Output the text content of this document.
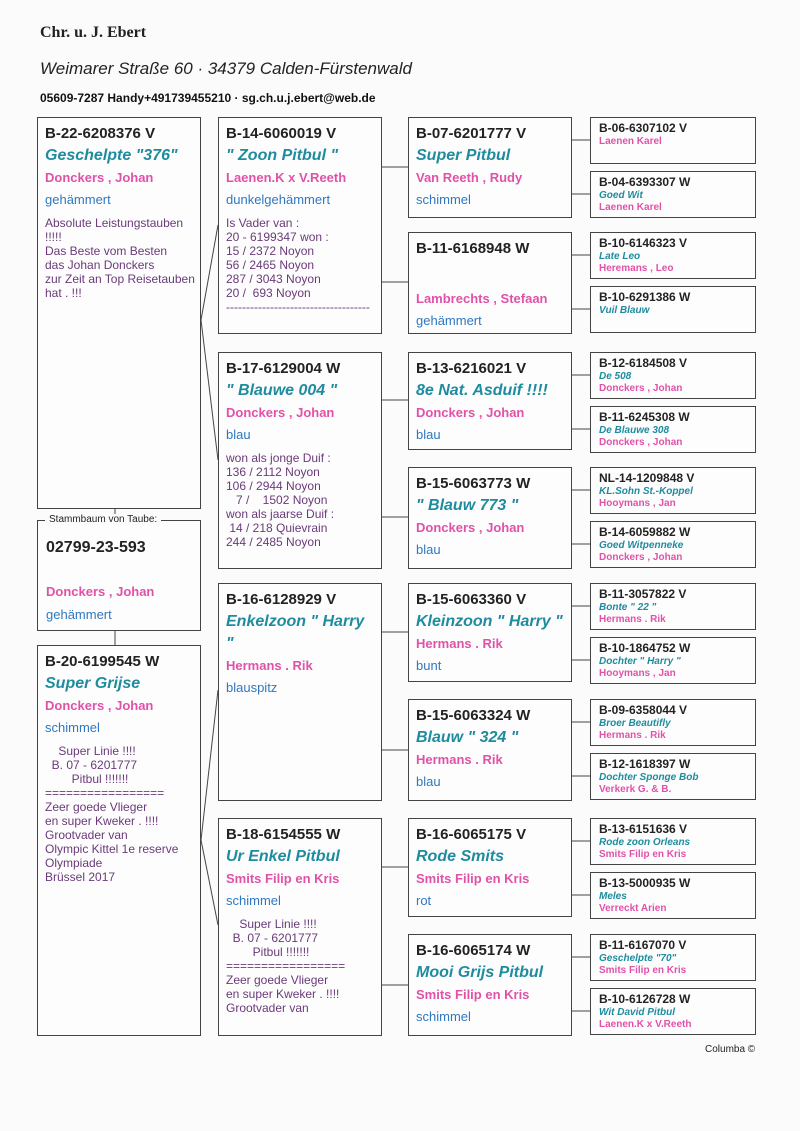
Chr. u. J. Ebert
Weimarer Straße 60 · 34379 Calden-Fürstenwald
05609-7287 Handy+491739455210 · sg.ch.u.j.ebert@web.de
Stammbaum von Taube:
02799-23-593
Donckers , Johan
gehämmert
B-22-6208376 V
Geschelpte "376"
Donckers , Johan
gehämmert
Absolute Leistungstauben
!!!!!
Das Beste vom Besten
das Johan Donckers
zur Zeit an Top Reisetauben
hat . !!!
B-20-6199545 W
Super Grijse
Donckers , Johan
schimmel
Super Linie !!!!
B. 07 - 6201777
Pitbul !!!!!!!
=================
Zeer goede Vlieger
en super Kweker . !!!!
Grootvader van
Olympic Kittel 1e reserve
Olympiade
Brüssel 2017
B-14-6060019 V
" Zoon Pitbul "
Laenen.K x V.Reeth
dunkelgehämmert
Is Vader van :
20 - 6199347 won :
15 / 2372 Noyon
56 / 2465 Noyon
287 / 3043 Noyon
20 /  693 Noyon
------------------------------------
B-17-6129004 W
" Blauwe 004 "
Donckers , Johan
blau
won als jonge Duif :
136 / 2112 Noyon
106 / 2944 Noyon
7 /    1502 Noyon
won als jaarse Duif :
14 / 218 Quievrain
244 / 2485 Noyon
B-16-6128929 V
Enkelzoon " Harry "
Hermans . Rik
blauspitz
B-18-6154555 W
Ur Enkel Pitbul
Smits Filip en Kris
schimmel
Super Linie !!!!
B. 07 - 6201777
Pitbul !!!!!!!
=================
Zeer goede Vlieger
en super Kweker . !!!!
Grootvader van
B-07-6201777 V
Super Pitbul
Van Reeth , Rudy
schimmel
B-11-6168948 W
Lambrechts , Stefaan
gehämmert
B-13-6216021 V
8e Nat. Asduif !!!!
Donckers , Johan
blau
B-15-6063773 W
" Blauw 773 "
Donckers , Johan
blau
B-15-6063360 V
Kleinzoon " Harry "
Hermans . Rik
bunt
B-15-6063324 W
Blauw " 324 "
Hermans . Rik
blau
B-16-6065175 V
Rode Smits
Smits Filip en Kris
rot
B-16-6065174 W
Mooi Grijs Pitbul
Smits Filip en Kris
schimmel
B-06-6307102 V
Laenen Karel
B-04-6393307 W
Goed Wit
Laenen Karel
B-10-6146323 V
Late Leo
Heremans , Leo
B-10-6291386 W
Vuil Blauw
B-12-6184508 V
De 508
Donckers , Johan
B-11-6245308 W
De Blauwe 308
Donckers , Johan
NL-14-1209848 V
KL.Sohn St.-Koppel
Hooymans , Jan
B-14-6059882 W
Goed Witpenneke
Donckers , Johan
B-11-3057822 V
Bonte " 22 "
Hermans . Rik
B-10-1864752 W
Dochter " Harry "
Hooymans , Jan
B-09-6358044 V
Broer Beautifly
Hermans . Rik
B-12-1618397 W
Dochter Sponge Bob
Verkerk G. & B.
B-13-6151636 V
Rode zoon Orleans
Smits Filip en Kris
B-13-5000935 W
Meles
Verreckt Arien
B-11-6167070 V
Geschelpte "70"
Smits Filip en Kris
B-10-6126728 W
Wit David Pitbul
Laenen.K x V.Reeth
Columba ©
